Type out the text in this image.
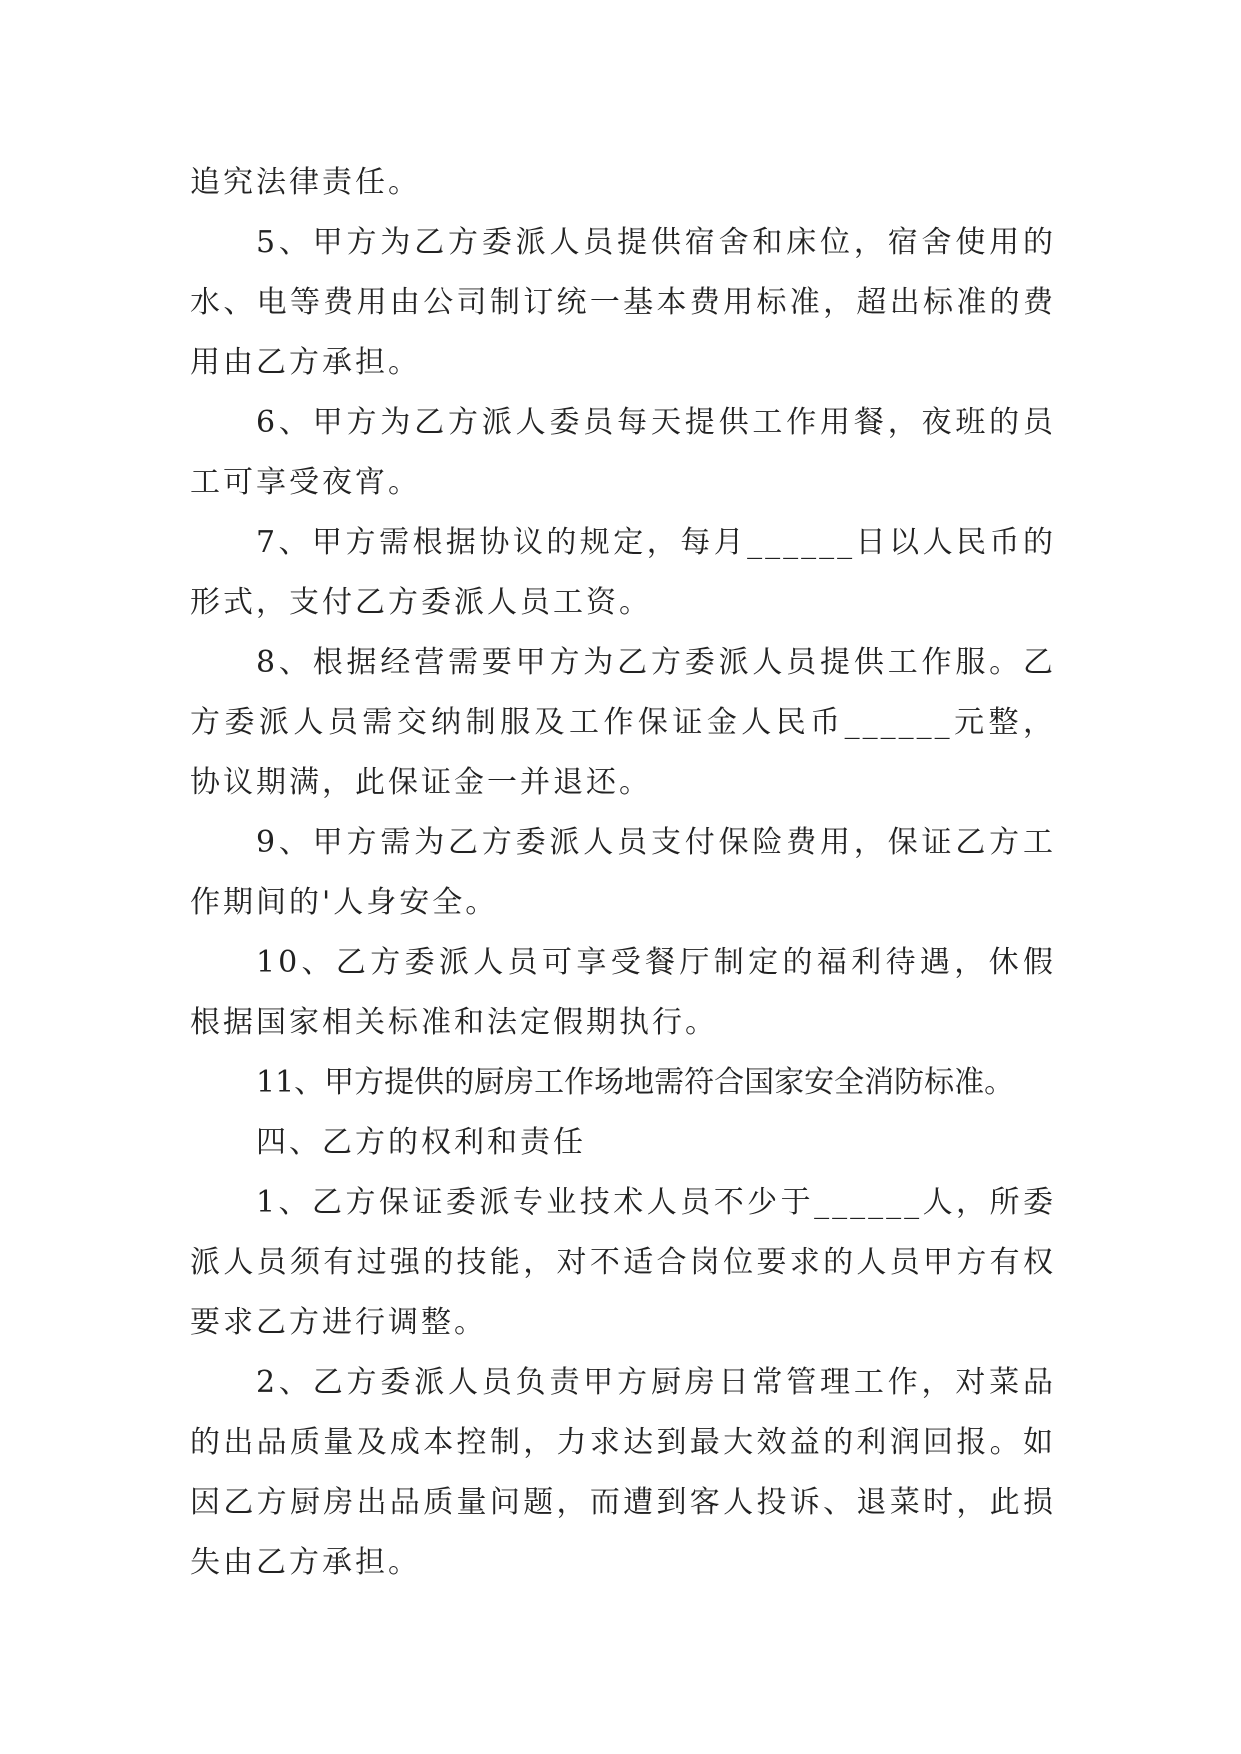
追究法律责任。

5、甲方为乙方委派人员提供宿舍和床位，宿舍使用的水、电等费用由公司制订统一基本费用标准，超出标准的费用由乙方承担。

6、甲方为乙方派人委员每天提供工作用餐，夜班的员工可享受夜宵。

7、甲方需根据协议的规定，每月______日以人民币的形式，支付乙方委派人员工资。

8、根据经营需要甲方为乙方委派人员提供工作服。乙方委派人员需交纳制服及工作保证金人民币______元整，协议期满，此保证金一并退还。

9、甲方需为乙方委派人员支付保险费用，保证乙方工作期间的'人身安全。

10、乙方委派人员可享受餐厅制定的福利待遇，休假根据国家相关标准和法定假期执行。

11、甲方提供的厨房工作场地需符合国家安全消防标准。

四、乙方的权利和责任

1、乙方保证委派专业技术人员不少于______人，所委派人员须有过强的技能，对不适合岗位要求的人员甲方有权要求乙方进行调整。

2、乙方委派人员负责甲方厨房日常管理工作，对菜品的出品质量及成本控制，力求达到最大效益的利润回报。如因乙方厨房出品质量问题，而遭到客人投诉、退菜时，此损失由乙方承担。
